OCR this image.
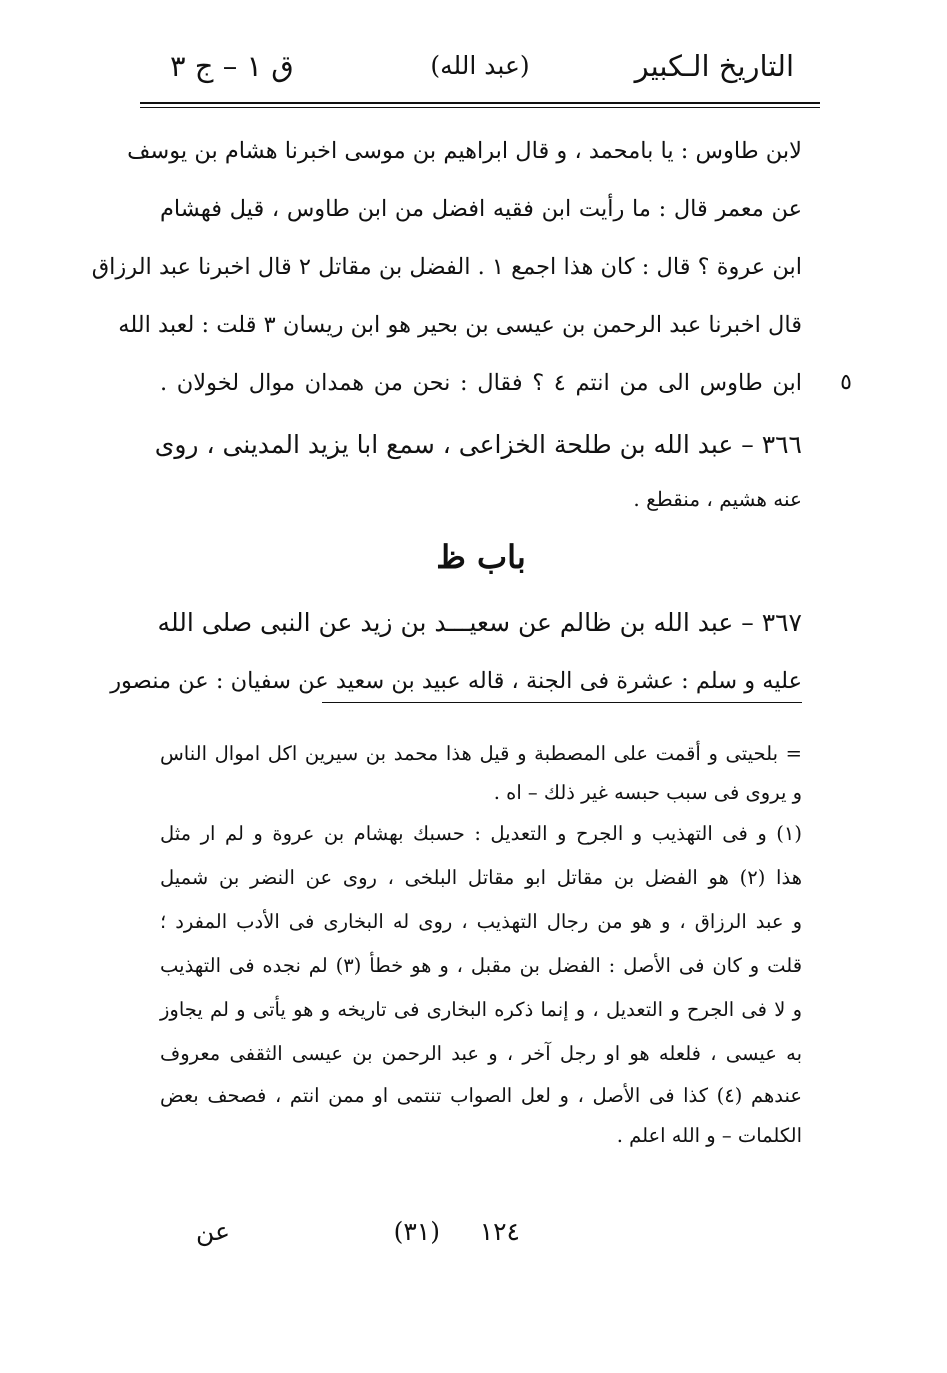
التاريخ الـكبير
(عبد الله)
ق ١ – ج ٣
لابن طاوس : يا بامحمد ، و قال ابراهيم بن موسى اخبرنا هشام بن يوسف
عن معمر قال : ما رأيت ابن فقيه افضل من ابن طاوس ، قيل فهشام
ابن عروة ؟ قال : كان هذا اجمع ١ . الفضل بن مقاتل ٢ قال اخبرنا عبد الرزاق
قال اخبرنا عبد الرحمن بن عيسى بن بحير هو ابن ريسان ٣ قلت : لعبد الله
٥
ابن طاوس الى من انتم ٤ ؟ فقال : نحن من همدان موال لخولان .
٣٦٦ – عبد الله بن طلحة الخزاعى ، سمع ابا يزيد المدينى ، روى
عنه هشيم ، منقطع .
باب ظ
٣٦٧ – عبد الله بن ظالم عن سعيـــد بن زيد عن النبى صلى الله
عليه و سلم : عشرة فى الجنة ، قاله عبيد بن سعيد عن سفيان : عن منصور
= بلحيتى و أقمت على المصطبة و قيل هذا محمد بن سيرين اكل اموال الناس
و يروى فى سبب حبسه غير ذلك – اه .
(١) و فى التهذيب و الجرح و التعديل : حسبك بهشام بن عروة و لم ار مثل
هذا (٢) هو الفضل بن مقاتل ابو مقاتل البلخى ، روى عن النضر بن شميل
و عبد الرزاق ، و هو من رجال التهذيب ، روى له البخارى فى الأدب المفرد ؛
قلت و كان فى الأصل : الفضل بن مقبل ، و هو خطأ (٣) لم نجده فى التهذيب
و لا فى الجرح و التعديل ، و إنما ذكره البخارى فى تاريخه و هو يأتى و لم يجاوز
به عيسى ، فلعله هو او رجل آخر ، و عبد الرحمن بن عيسى الثقفى معروف
عندهم (٤) كذا فى الأصل ، و لعل الصواب تنتمى او ممن انتم ، فصحف بعض
الكلمات – و الله اعلم .
١٢٤
(٣١)
عن
